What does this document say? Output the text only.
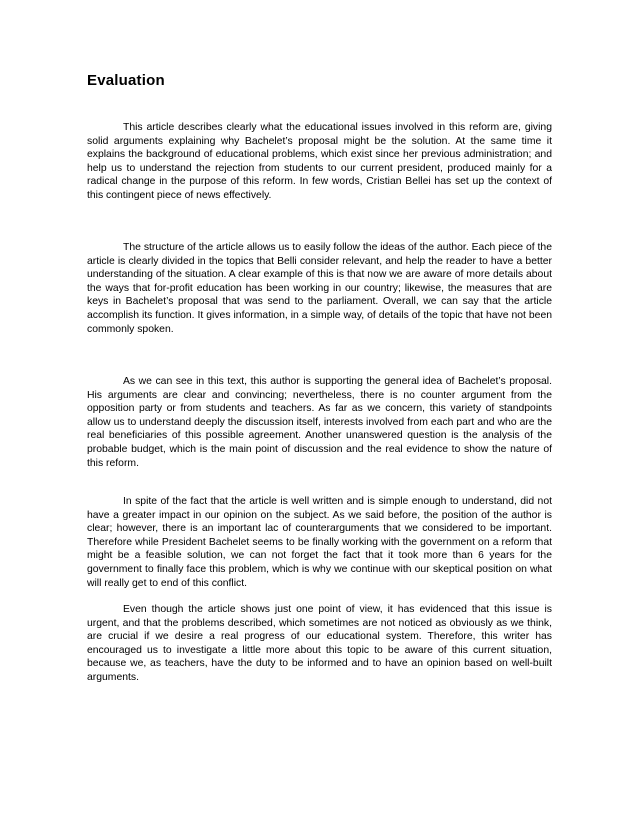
Evaluation

This article describes clearly what the educational issues involved in this reform are, giving solid arguments explaining why Bachelet’s proposal might be the solution. At the same time it explains the background of educational problems, which exist since her previous administration; and help us to understand the rejection from students to our current president, produced mainly for a radical change in the purpose of this reform. In few words, Cristian Bellei has set up the context of this contingent piece of news effectively.

The structure of the article allows us to easily follow the ideas of the author. Each piece of the article is clearly divided in the topics that Belli consider relevant, and help the reader to have a better understanding of the situation. A clear example of this is that now we are aware of more details about the ways that for-profit education has been working in our country; likewise, the measures that are keys in Bachelet’s proposal that was send to the parliament. Overall, we can say that the article accomplish its function. It gives information, in a simple way, of details of the topic that have not been commonly spoken.

As we can see in this text, this author is supporting the general idea of Bachelet’s proposal. His arguments are clear and convincing; nevertheless, there is no counter argument from the opposition party or from students and teachers. As far as we concern, this variety of standpoints allow us to understand deeply the discussion itself, interests involved from each part and who are the real beneficiaries of this possible agreement. Another unanswered question is the analysis of the probable budget, which is the main point of discussion and the real evidence to show the nature of this reform.

In spite of the fact that the article is well written and is simple enough to understand, did not have a greater impact in our opinion on the subject. As we said before, the position of the author is clear; however, there is an important lac of counterarguments that we considered to be important. Therefore while President Bachelet seems to be finally working with the government on a reform that might be a feasible solution, we can not forget the fact that it took more than 6 years for the government to finally face this problem, which is why we continue with our skeptical position on what will really get to end of this conflict.

Even though the article shows just one point of view, it has evidenced that this issue is urgent, and that the problems described, which sometimes are not noticed as obviously as we think, are crucial if we desire a real progress of our educational system. Therefore, this writer has encouraged us to investigate a little more about this topic to be aware of this current situation, because we, as teachers, have the duty to be informed and to have an opinion based on well-built arguments.
